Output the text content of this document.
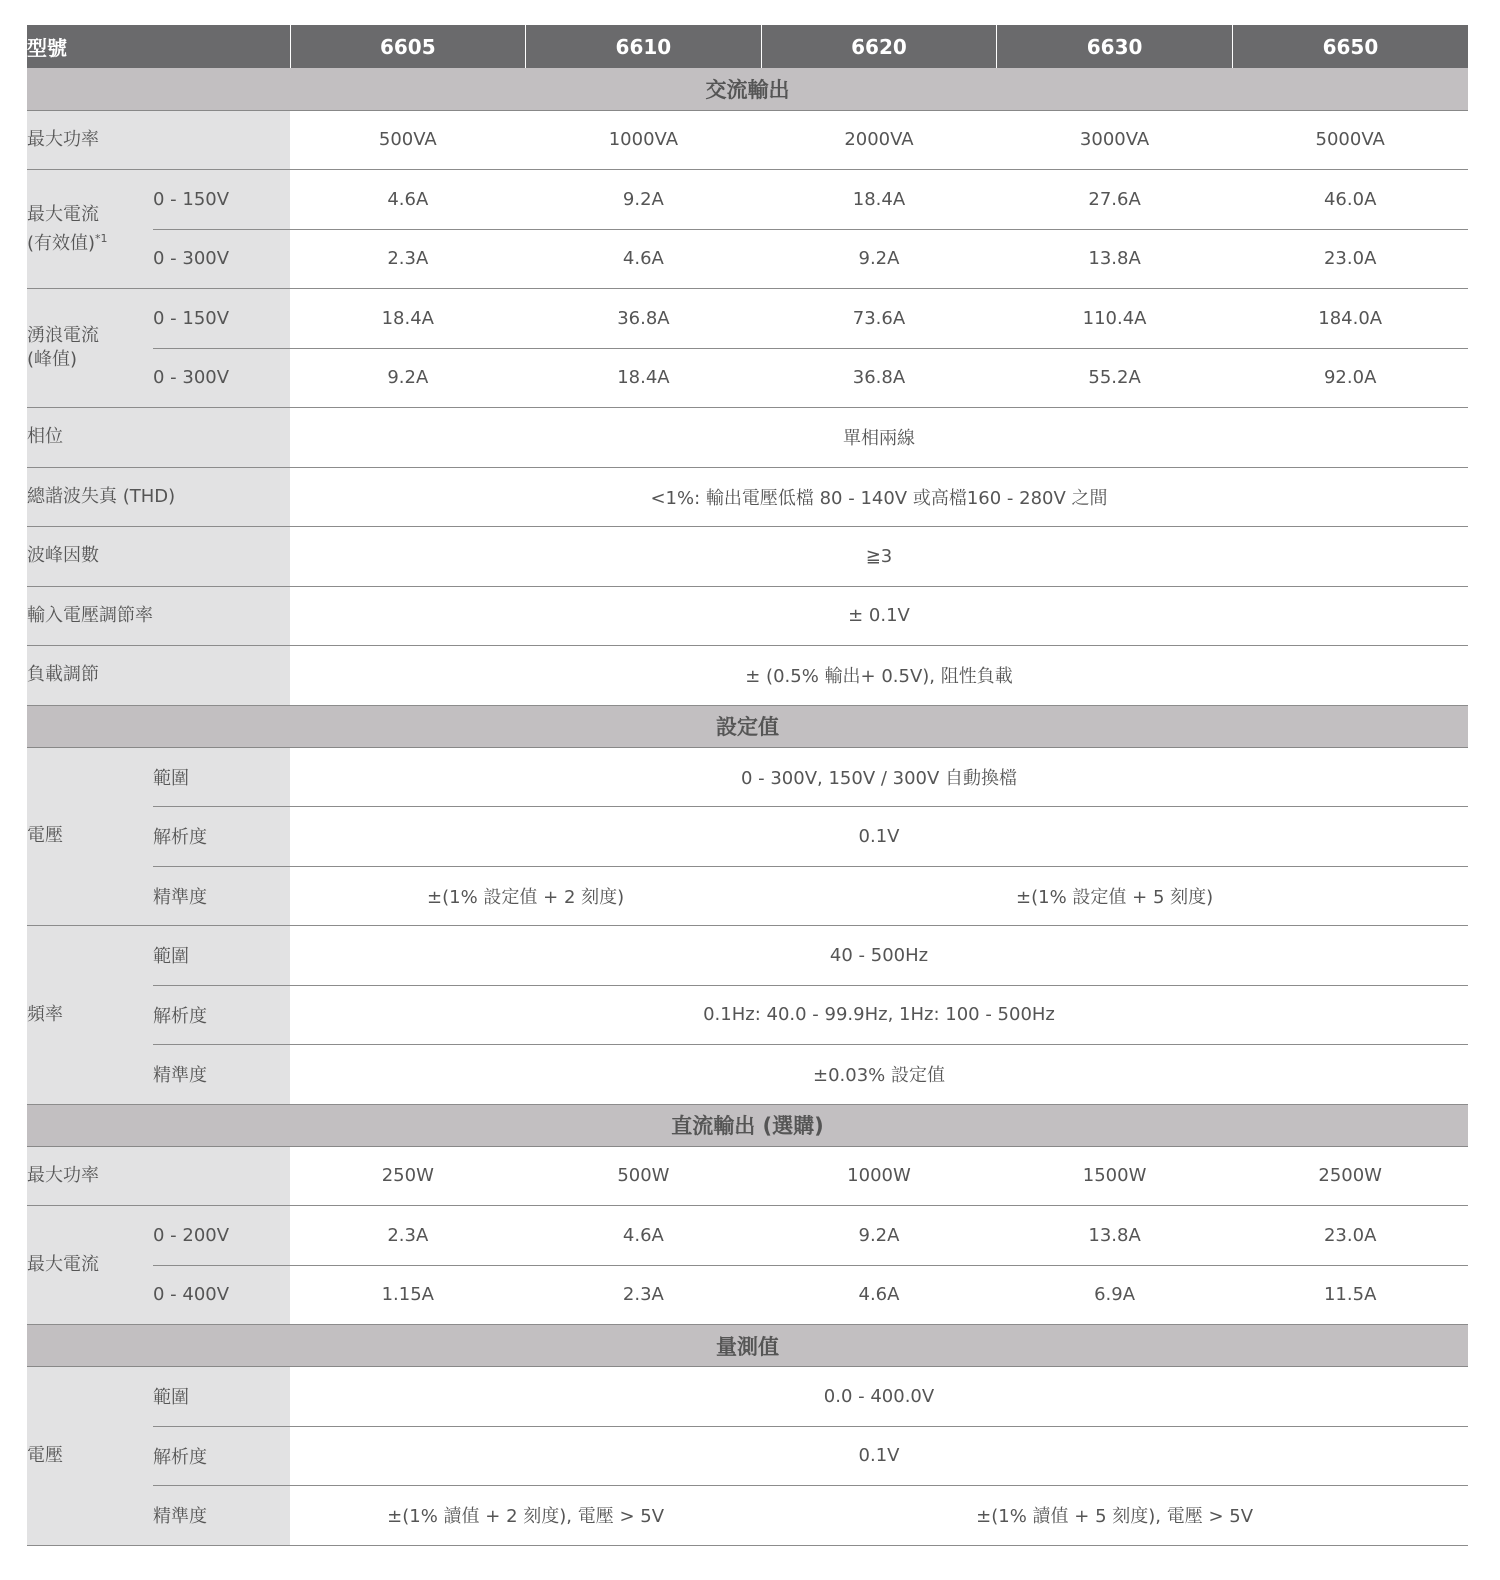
型號		6605	6610	6620	6630	6650
交流輸出						
最大功率		500VA	1000VA	2000VA	3000VA	5000VA
最大電流
(有效值)$^{*1}$	0 - 150V	4.6A	9.2A	18.4A	27.6A	46.0A
	0 - 300V	2.3A	4.6A	9.2A	13.8A	23.0A
湧浪電流
(峰值)	0 - 150V	18.4A	36.8A	73.6A	110.4A	184.0A
	0 - 300V	9.2A	18.4A	36.8A	55.2A	92.0A
相位		單相兩線				
總諧波失真 (THD)		<1%: 輸出電壓低檔 80 - 140V 或高檔160 - 280V 之間				
波峰因數		≧3				
輸入電壓調節率		± 0.1V				
負載調節		± (0.5% 輸出+ 0.5V), 阻性負載				
設定值						
電壓	範圍	0 - 300V, 150V / 300V 自動換檔				
	解析度	0.1V				
	精準度	±(1% 設定值 + 2 刻度)		±(1% 設定值 + 5 刻度)		
頻率	範圍	40 - 500Hz				
	解析度	0.1Hz: 40.0 - 99.9Hz, 1Hz: 100 - 500Hz				
	精準度	±0.03% 設定值				
直流輸出 (選購)						
最大功率		250W	500W	1000W	1500W	2500W
最大電流	0 - 200V	2.3A	4.6A	9.2A	13.8A	23.0A
	0 - 400V	1.15A	2.3A	4.6A	6.9A	11.5A
量測值						
電壓	範圍	0.0 - 400.0V				
	解析度	0.1V				
	精準度	±(1% 讀值 + 2 刻度), 電壓 > 5V		±(1% 讀值 + 5 刻度), 電壓 > 5V		
